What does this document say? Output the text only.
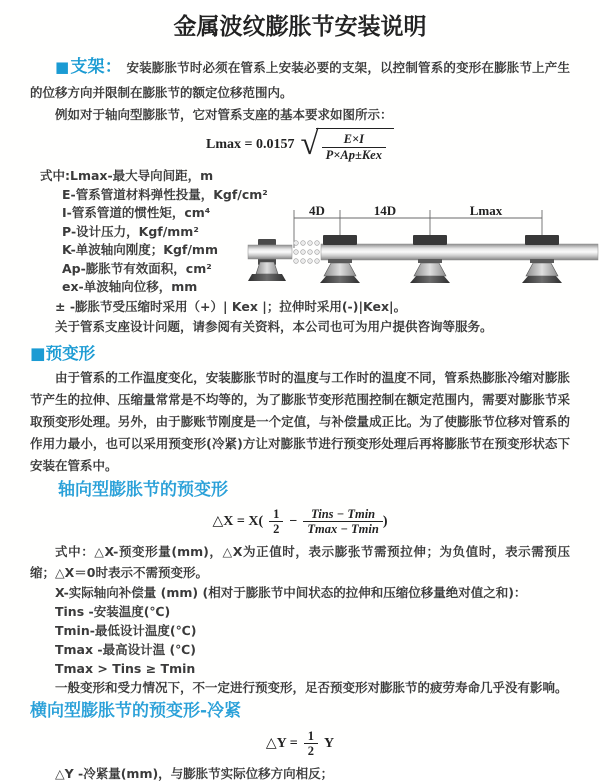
金属波纹膨胀节安装说明

■支架： 安装膨胀节时必须在管系上安装必要的支架，以控制管系的变形在膨胀节上产生的位移方向并限制在膨胀节的额定位移范围内。

例如对于轴向型膨胀节，它对管系支座的基本要求如图所示：

Lmax = 0.0157 √ $\frac{E\times I}{\text{P×Ap±Kex}}$
式中:Lmax-最大导向间距，m
E-管系管道材料弹性投量，Kgf/cm²
I-管系管道的惯性矩，cm⁴
P-设计压力，Kgf/mm²
K-单波轴向刚度；Kgf/mm
Ap-膨胀节有效面积，cm²
ex-单波轴向位移，mm
± -膨胀节受压缩时采用（+）| Kex |；拉伸时采用(-)|Kex|。
关于管系支座设计问题，请参阅有关资料，本公司也可为用户提供咨询等服务。
4D	14D	Lmax
■预变形

由于管系的工作温度变化，安装膨胀节时的温度与工作时的温度不同，管系热膨胀冷缩对膨胀节产生的拉伸、压缩量常常是不均等的，为了膨胀节变形范围控制在额定范围内，需要对膨胀节采取预变形处理。另外，由于膨账节刚度是一个定值，与补偿量成正比。为了使膨胀节位移对管系的作用力最小，也可以采用预变形(冷紧)方让对膨胀节进行预变形处理后再将膨胀节在预变形状态下安装在管系中。

轴向型膨胀节的预变形
△X = $X( \frac{1}{2} - \frac{\text{Tins − Tmin}}{Tmax - Tmin}$ )

式中：△X-预变形量(mm)，△X为正值时，表示膨张节需预拉伸；为负值时，表示需预压缩；△X＝0时表示不需预变形。

X-实际轴向补偿量 (mm) (相对于膨胀节中间状态的拉伸和压缩位移量绝对值之和)：
Tins -安装温度(℃)
Tmin-最低设计温度(℃)
Tmax -最高设计温 (℃)
Tmax > Tins ≥ Tmin

一般变形和受力情况下，不一定进行预变形，足否预变形对膨胀节的疲劳寿命几乎没有影响。

横向型膨胀节的预变形-冷紧
△Y = $\frac{1}{2}$ Y
△Y -冷紧量(mm)，与膨胀节实际位移方向相反；
